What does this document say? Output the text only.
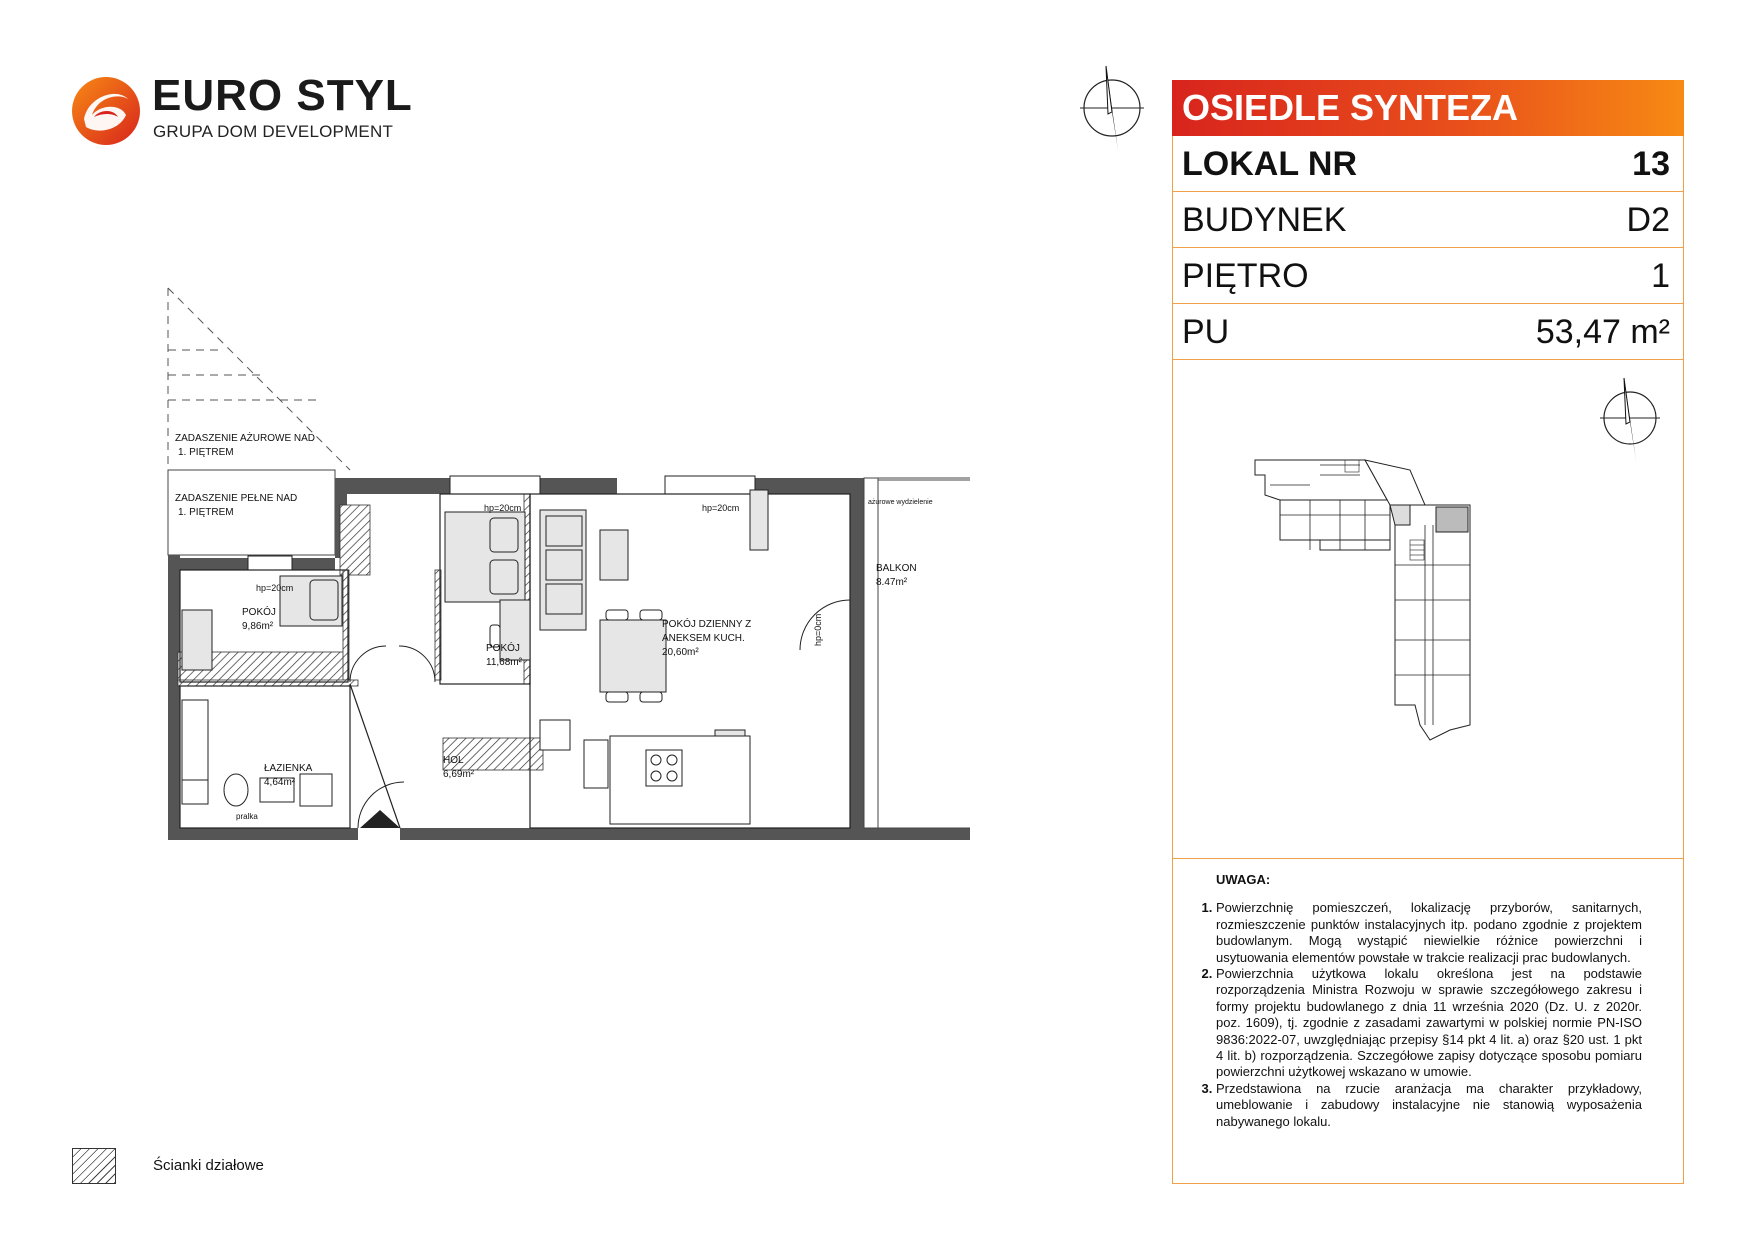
EURO STYL
GRUPA DOM DEVELOPMENT
OSIEDLE SYNTEZA
LOKAL NR	13
BUDYNEK	D2
PIĘTRO	1
PU	53,47 m²
UWAGA:
1. Powierzchnię pomieszczeń, lokalizację przyborów, sanitarnych, rozmieszczenie punktów instalacyjnych itp. podano zgodnie z projektem budowlanym. Mogą wystąpić niewielkie różnice powierzchni i usytuowania elementów powstałe w trakcie realizacji prac budowlanych.
2. Powierzchnia użytkowa lokalu określona jest na podstawie rozporządzenia Ministra Rozwoju w sprawie szczegółowego zakresu i formy projektu budowlanego z dnia 11 września 2020 (Dz. U. z 2020r. poz. 1609), tj. zgodnie z zasadami zawartymi w polskiej normie PN-ISO 9836:2022-07, uwzględniając przepisy §14 pkt 4 lit. a) oraz §20 ust. 1 pkt 4 lit. b) rozporządzenia. Szczegółowe zapisy dotyczące sposobu pomiaru powierzchni użytkowej wskazano w umowie.
3. Przedstawiona na rzucie aranżacja ma charakter przykładowy, umeblowanie i zabudowy instalacyjne nie stanowią wyposażenia nabywanego lokalu.
Ścianki działowe
ZADASZENIE AŻUROWE NAD
1. PIĘTREM
ZADASZENIE PEŁNE NAD
1. PIĘTREM
POKÓJ
9,86m²
POKÓJ
11,68m²
POKÓJ DZIENNY Z
ANEKSEM KUCH.
20,60m²
ŁAZIENKA
4,64m²
HOL
6,69m²
BALKON
8.47m²
hp=20cm
hp=20cm	hp=20cm
hp=0cm
ażurowe wydzielenie
pralka
